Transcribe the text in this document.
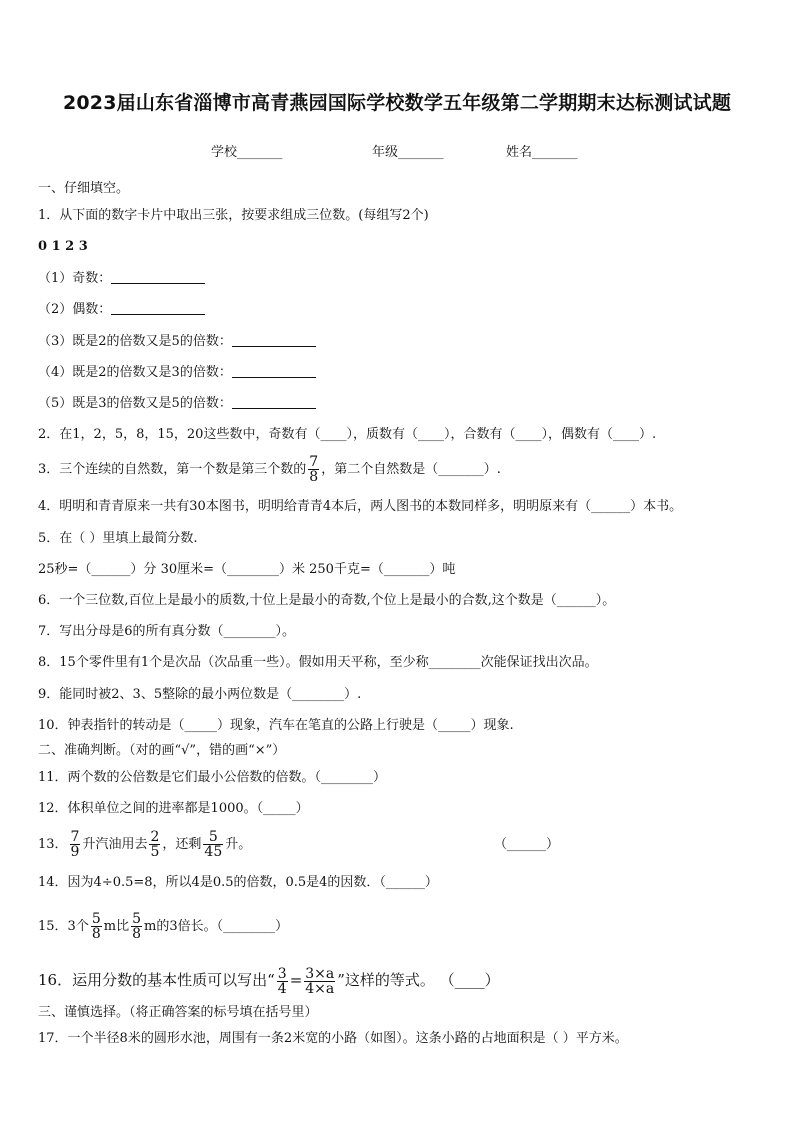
2023届山东省淄博市高青燕园国际学校数学五年级第二学期期末达标测试试题
学校_______	年级_______	姓名_______
一、仔细填空。
1．从下面的数字卡片中取出三张，按要求组成三位数。(每组写2个)
0 1 2 3
（1）奇数：
（2）偶数：
（3）既是2的倍数又是5的倍数：
（4）既是2的倍数又是3的倍数：
（5）既是3的倍数又是5的倍数：
2．在1，2，5，8，15，20这些数中，奇数有（____），质数有（____），合数有（____），偶数有（____）.
3．三个连续的自然数，第一个数是第三个数的 $\frac{7}{8}$ ，第二个自然数是（_______）.
4．明明和青青原来一共有30本图书，明明给青青4本后，两人图书的本数同样多，明明原来有（______）本书。
5．在（ ）里填上最简分数.
25秒=（______）分 30厘米=（________）米 250千克=（_______）吨
6．一个三位数,百位上是最小的质数,十位上是最小的奇数,个位上是最小的合数,这个数是（______）。
7．写出分母是6的所有真分数（________）。
8．15个零件里有1个是次品（次品重一些）。假如用天平称，至少称________次能保证找出次品。
9．能同时被2、3、5整除的最小两位数是（________）.
10．钟表指针的转动是（_____）现象，汽车在笔直的公路上行驶是（_____）现象.
二、准确判断。（对的画“√”，错的画“×”）
11．两个数的公倍数是它们最小公倍数的倍数。（________）
12．体积单位之间的进率都是1000。（_____）
13． $\frac{7}{9}$ 升汽油用去 $\frac{2}{5}$ ，还剩 $\frac{5}{45}$ 升。	（______）
14．因为4÷0.5=8，所以4是0.5的倍数，0.5是4的因数．（______）
15．3个 $\frac{5}{8}$ m比 $\frac{5}{8}$ m的3倍长。（________）
16．运用分数的基本性质可以写出“ $\frac{3}{4} = \frac{3\times a}{4\times a}$ ”这样的等式。 （____）
三、谨慎选择。（将正确答案的标号填在括号里）
17．一个半径8米的圆形水池，周围有一条2米宽的小路（如图）。这条小路的占地面积是（ ）平方米。
